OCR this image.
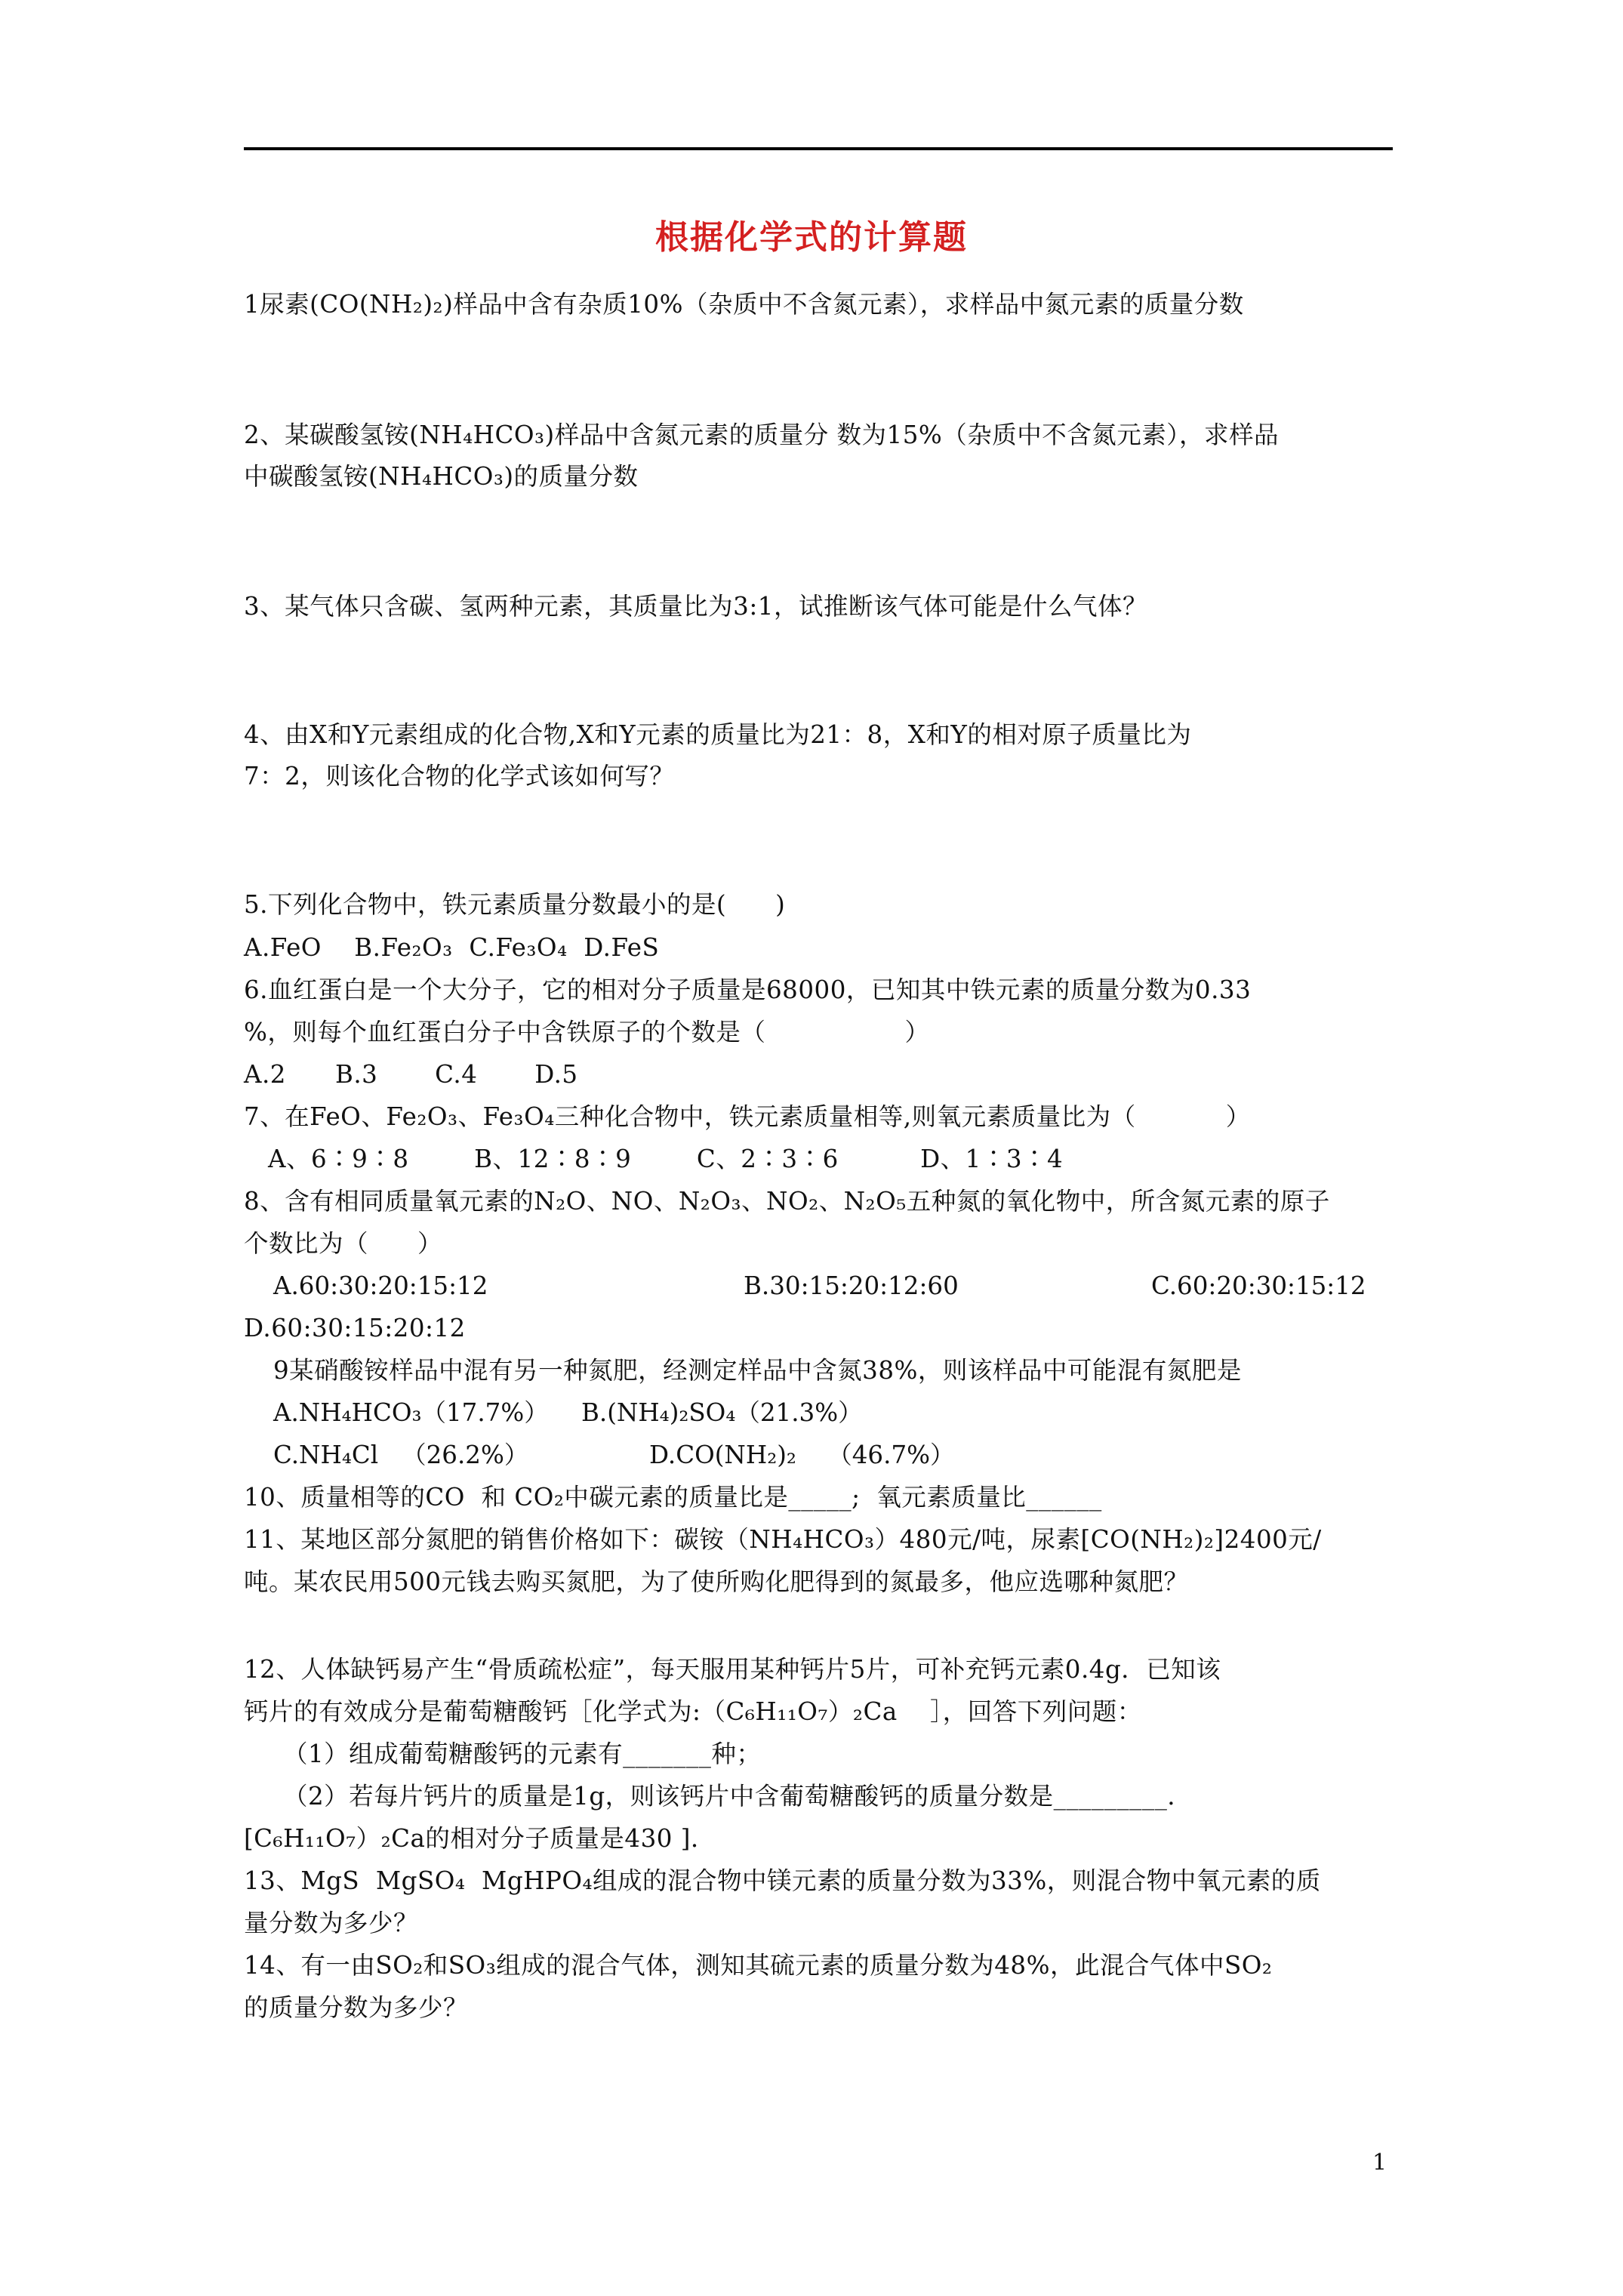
根据化学式的计算题
1尿素(CO(NH₂)₂)样品中含有杂质10%（杂质中不含氮元素），求样品中氮元素的质量分数
2、某碳酸氢铵(NH₄HCO₃)样品中含氮元素的质量分 数为15%（杂质中不含氮元素），求样品
中碳酸氢铵(NH₄HCO₃)的质量分数
3、某气体只含碳、氢两种元素，其质量比为3:1，试推断该气体可能是什么气体？
4、由X和Y元素组成的化合物,X和Y元素的质量比为21：8，X和Y的相对原子质量比为
7：2，则该化合物的化学式该如何写？
5.下列化合物中，铁元素质量分数最小的是(      )
A.FeO    B.Fe₂O₃  C.Fe₃O₄  D.FeS
6.血红蛋白是一个大分子，它的相对分子质量是68000，已知其中铁元素的质量分数为0.33
%，则每个血红蛋白分子中含铁原子的个数是（                 ）
A.2      B.3       C.4       D.5
7、在FeO、Fe₂O₃、Fe₃O₄三种化合物中，铁元素质量相等,则氧元素质量比为（           ）
A、6∶9∶8        B、12∶8∶9        C、2∶3∶6          D、1∶3∶4
8、含有相同质量氧元素的N₂O、NO、N₂O₃、NO₂、N₂O₅五种氮的氧化物中，所含氮元素的原子
个数比为（      ）
A.60:30:20:15:12	B.30:15:20:12:60	C.60:20:30:15:12
D.60:30:15:20:12
9某硝酸铵样品中混有另一种氮肥，经测定样品中含氮38%，则该样品中可能混有氮肥是
A.NH₄HCO₃（17.7%） B.(NH₄)₂SO₄（21.3%）
C.NH₄Cl   （26.2%）	D.CO(NH₂)₂    （46.7%）
10、质量相等的CO  和 CO₂中碳元素的质量比是_____;  氧元素质量比______
11、某地区部分氮肥的销售价格如下：碳铵（NH₄HCO₃）480元/吨，尿素[CO(NH₂)₂]2400元/
吨。某农民用500元钱去购买氮肥，为了使所购化肥得到的氮最多，他应选哪种氮肥？
12、人体缺钙易产生“骨质疏松症”，每天服用某种钙片5片，可补充钙元素0.4g．已知该
钙片的有效成分是葡萄糖酸钙［化学式为:（C₆H₁₁O₇）₂Ca    ］，回答下列问题：
（1）组成葡萄糖酸钙的元素有_______种；
（2）若每片钙片的质量是1g，则该钙片中含葡萄糖酸钙的质量分数是_________．
[C₆H₁₁O₇）₂Ca的相对分子质量是430 ]．
13、MgS  MgSO₄  MgHPO₄组成的混合物中镁元素的质量分数为33%，则混合物中氧元素的质
量分数为多少？
14、有一由SO₂和SO₃组成的混合气体，测知其硫元素的质量分数为48%，此混合气体中SO₂
的质量分数为多少？
1
